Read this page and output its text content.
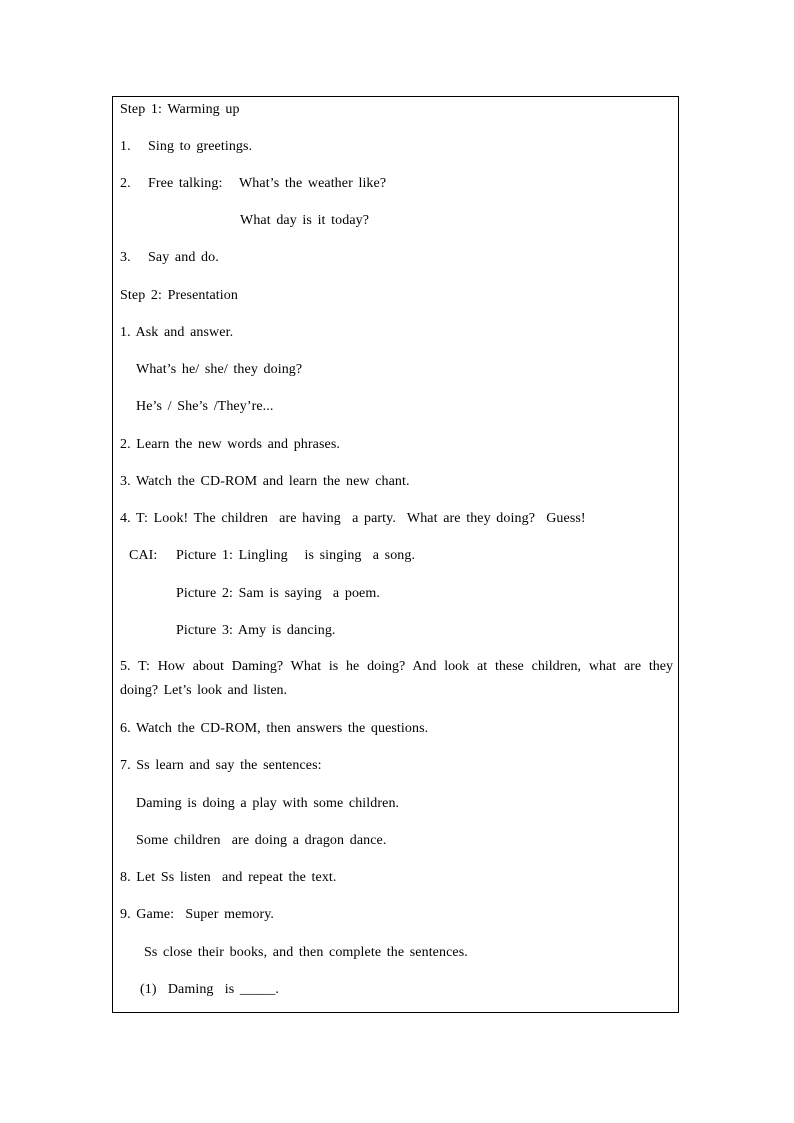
Step 1: Warming up
1. Sing to greetings.
2. Free talking:   What’s the weather like?
What day is it today?
3. Say and do.
Step 2: Presentation
1. Ask and answer.
What’s he/ she/ they doing?
He’s / She’s /They’re...
2. Learn the new words and phrases.
3. Watch the CD-ROM and learn the new chant.
4. T: Look! The children  are having  a party.  What are they doing?  Guess!
CAI: Picture 1: Lingling   is singing  a song.
Picture 2: Sam is saying  a poem.
Picture 3: Amy is dancing.
5. T: How about Daming? What is he doing? And look at these children, what are they doing? Let’s look and listen.
6. Watch the CD-ROM, then answers the questions.
7. Ss learn and say the sentences:
Daming is doing a play with some children.
Some children  are doing a dragon dance.
8. Let Ss listen  and repeat the text.
9. Game:  Super memory.
Ss close their books, and then complete the sentences.
(1)  Daming  is _____.
